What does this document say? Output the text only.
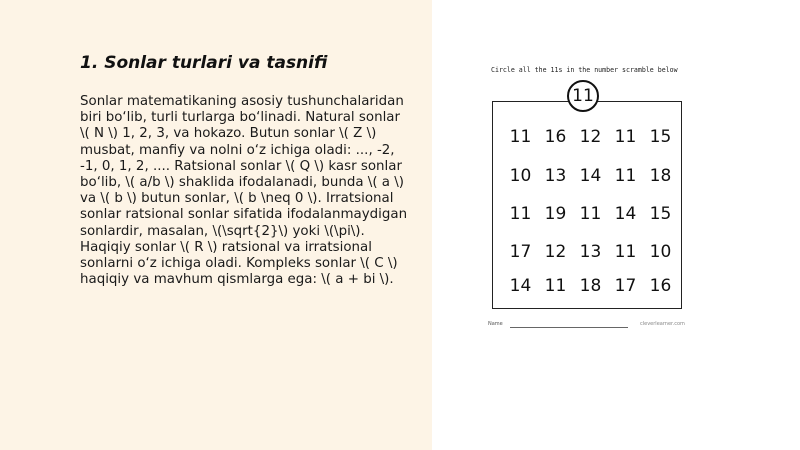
1. Sonlar turlari va tasnifi

Sonlar matematikaning asosiy tushunchalaridan biri bo‘lib, turli turlarga bo‘linadi. Natural sonlar \( N \) 1, 2, 3, va hokazo. Butun sonlar \( Z \) musbat, manfiy va nolni o‘z ichiga oladi: ..., -2, -1, 0, 1, 2, .... Ratsional sonlar \( Q \) kasr sonlar bo‘lib, \( a/b \) shaklida ifodalanadi, bunda \( a \) va \( b \) butun sonlar, \( b \neq 0 \). Irratsional sonlar ratsional sonlar sifatida ifodalanmaydigan sonlardir, masalan, \(\sqrt{2}\) yoki \(\pi\). Haqiqiy sonlar \( R \) ratsional va irratsional sonlarni o‘z ichiga oladi. Kompleks sonlar \( C \) haqiqiy va mavhum qismlarga ega: \( a + bi \).

Circle all the 11s in the number scramble below

11
11 16 12 11 15
10 13 14 11 18
11 19 11 14 15
17 12 13 11 10
14 11 18 17 16
Name	cleverlearner.com
